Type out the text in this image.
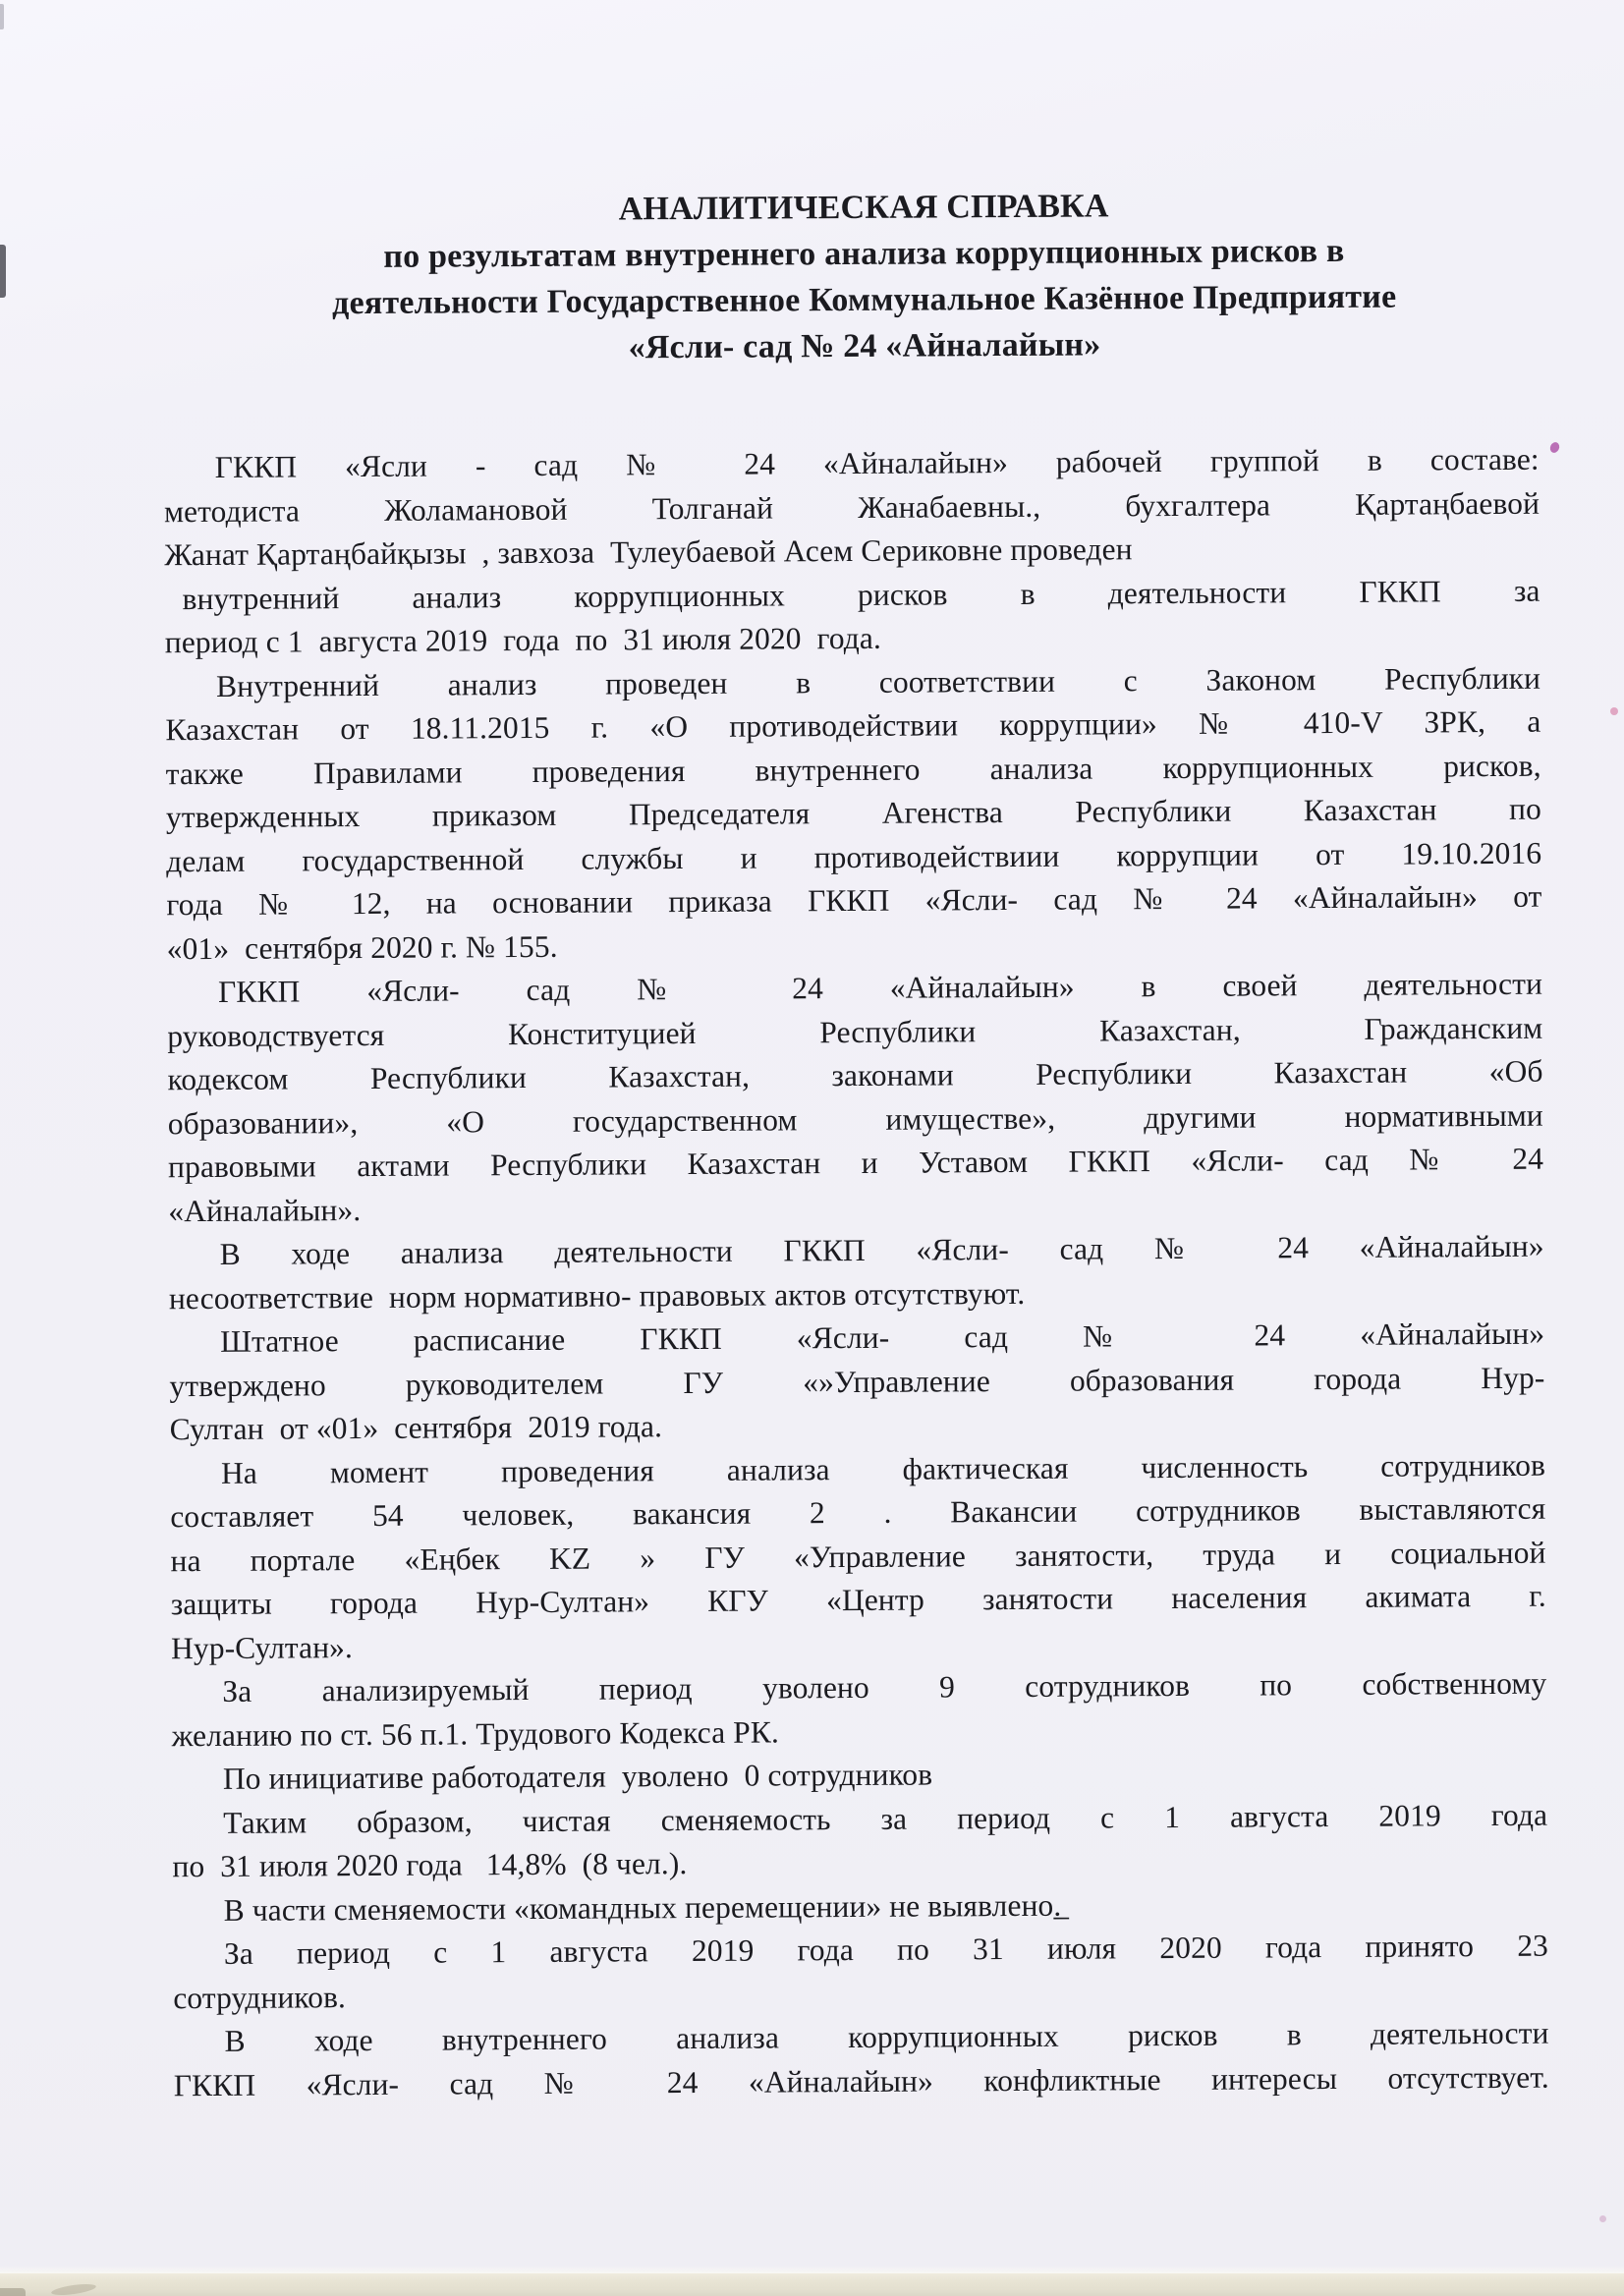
АНАЛИТИЧЕСКАЯ СПРАВКА
по результатам внутреннего анализа коррупционных рисков в
деятельности Государственное Коммунальное Казённое Предприятие
«Ясли- сад № 24 «Айналайын»
ГККП «Ясли - сад № 24 «Айналайын» рабочей группой в составе:
методиста Жоламановой Толганай Жанабаевны., бухгалтера Қартаңбаевой
Жанат Қартаңбайқызы  , завхоза  Тулеубаевой Асем Сериковне проведен
внутренний анализ коррупционных рисков в деятельности ГККП за
период с 1  августа 2019  года  по  31 июля 2020  года.
Внутренний анализ проведен в соответствии с Законом Республики
Казахстан от 18.11.2015 г. «О противодействии коррупции» № 410-V ЗРК, а
также Правилами проведения внутреннего анализа коррупционных рисков,
утвержденных приказом Председателя Агенства Республики Казахстан по
делам государственной службы и противодействиии коррупции от 19.10.2016
года № 12, на основании приказа ГККП «Ясли- сад № 24 «Айналайын» от
«01»  сентября 2020 г. № 155.
ГККП «Ясли- сад № 24 «Айналайын» в своей деятельности
руководствуется Конституцией Республики Казахстан, Гражданским
кодексом Республики Казахстан, законами Республики Казахстан «Об
образовании», «О государственном имуществе», другими нормативными
правовыми актами Республики Казахстан и Уставом ГККП «Ясли- сад № 24
«Айналайын».
В ходе анализа деятельности ГККП «Ясли- сад № 24 «Айналайын»
несоответствие  норм нормативно- правовых актов отсутствуют.
Штатное расписание ГККП «Ясли- сад № 24 «Айналайын»
утверждено руководителем ГУ «»Управление образования города Нур-
Султан  от «01»  сентября  2019 года.
На момент проведения анализа фактическая численность сотрудников
составляет 54 человек, вакансия 2 . Вакансии сотрудников выставляются
на портале «Еңбек KZ » ГУ «Управление занятости, труда и социальной
защиты города Нур-Султан» КГУ «Центр занятости населения акимата г.
Нур-Султан».
За анализируемый период уволено 9 сотрудников по собственному
желанию по ст. 56 п.1. Трудового Кодекса РК.
По инициативе работодателя  уволено  0 сотрудников
Таким образом, чистая сменяемость за период с 1 августа 2019 года
по  31 июля 2020 года   14,8%  (8 чел.).
В части сменяемости «командных перемещении» не выявлено.̲
За период с 1 августа 2019 года по 31 июля 2020 года принято 23
сотрудников.
В ходе внутреннего анализа коррупционных рисков в деятельности
ГККП «Ясли- сад № 24 «Айналайын» конфликтные интересы отсутствует.
